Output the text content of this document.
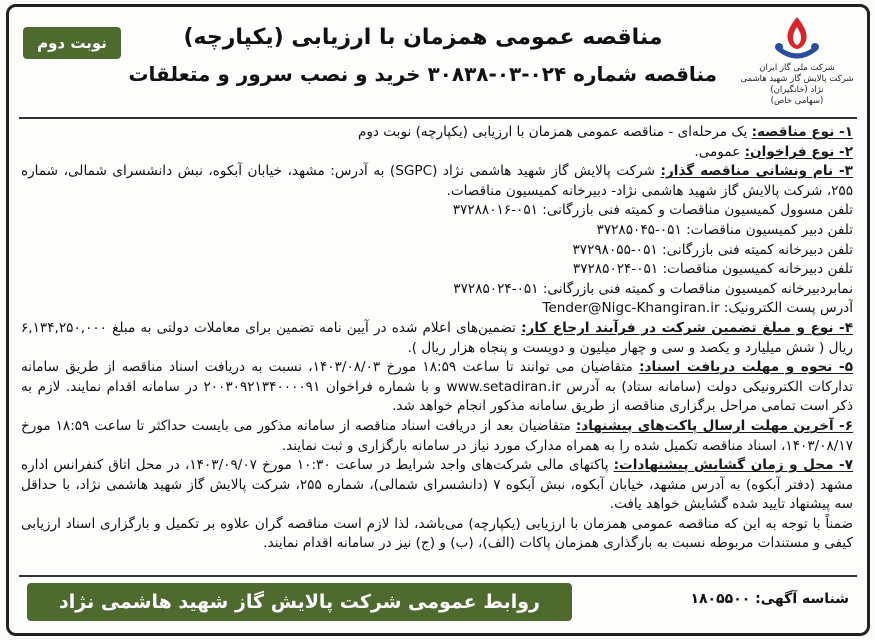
شرکت ملی گاز ایران
شرکت پالایش گاز شهید هاشمی نژاد (خانگیران)
(سهامی خاص)
مناقصه عمومی همزمان با ارزیابی (یکپارچه)
مناقصه شماره ۰۲۴-۰۳-۳۰۸۳۸ خرید و نصب سرور و متعلقات
نوبت دوم

۱- نوع مناقصه: یک مرحله‌ای - مناقصه عمومی همزمان با ارزیابی (یکپارچه) نوبت دوم

۲- نوع فراخوان: عمومی.

۳- نام ونشانی مناقصه گذار: شرکت پالایش گاز شهید هاشمی نژاد (SGPC) به آدرس: مشهد، خیابان آبکوه، نبش دانشسرای شمالی، شماره ۲۵۵، شرکت پالایش گاز شهید هاشمی نژاد- دبیرخانه کمیسیون مناقصات.

تلفن مسوول کمیسیون مناقصات و کمیته فنی بازرگانی: ۰۵۱-۳۷۲۸۸۰۱۶

تلفن دبیر کمیسیون مناقصات: ۰۵۱-۳۷۲۸۵۰۴۵

تلفن دبیرخانه کمیته فنی بازرگانی: ۰۵۱-۳۷۲۹۸۰۵۵

تلفن دبیرخانه کمیسیون مناقصات: ۰۵۱-۳۷۲۸۵۰۲۴

نمابردبیرخانه کمیسیون مناقصات و کمیته فنی بازرگانی: ۰۵۱-۳۷۲۸۵۰۲۴

آدرس پست الکترونیک: Tender@Nigc-Khangiran.ir

۴- نوع و مبلغ تضمین شرکت در فرآیند ارجاع کار: تضمین‌های اعلام شده در آیین نامه تضمین برای معاملات دولتی به مبلغ ۶,۱۳۴,۲۵۰,۰۰۰ ریال ( شش میلیارد و یکصد و سی و چهار میلیون و دویست و پنجاه هزار ریال ).

۵- نحوه و مهلت دریافت اسناد: متقاضیان می توانند تا ساعت ۱۸:۵۹ مورخ ۱۴۰۳/۰۸/۰۳، نسبت به دریافت اسناد مناقصه از طریق سامانه تدارکات الکترونیکی دولت (سامانه ستاد) به آدرس www.setadiran.ir و با شماره فراخوان ۲۰۰۳۰۹۲۱۳۴۰۰۰۰۹۱ در سامانه اقدام نمایند. لازم به ذکر است تمامی مراحل برگزاری مناقصه از طریق سامانه مذکور انجام خواهد شد.

۶- آخرین مهلت ارسال پاکت‌های پیشنهاد: متقاضیان بعد از دریافت اسناد مناقصه از سامانه مذکور می بایست حداکثر تا ساعت ۱۸:۵۹ مورخ ۱۴۰۳/۰۸/۱۷، اسناد مناقصه تکمیل شده را به همراه مدارک مورد نیاز در سامانه بارگزاری و ثبت نمایند.

۷- محل و زمان گشایش پیشنهادات: پاکتهای مالی شرکت‌های واجد شرایط در ساعت ۱۰:۳۰ مورخ ۱۴۰۳/۰۹/۰۷، در محل اتاق کنفرانس اداره مشهد (دفتر آبکوه) به آدرس مشهد، خیابان آبکوه، نبش آبکوه ۷ (دانشسرای شمالی)، شماره ۲۵۵، شرکت پالایش گاز شهید هاشمی نژاد، با حداقل سه پیشنهاد تایید شده گشایش خواهد یافت.

ضمناً با توجه به این که مناقصه عمومی همزمان با ارزیابی (یکپارچه) می‌باشد، لذا لازم است مناقصه گران علاوه بر تکمیل و بارگزاری اسناد ارزیابی کیفی و مستندات مربوطه نسبت به بارگذاری همزمان پاکات (الف)، (ب) و (ج) نیز در سامانه اقدام نمایند.

شناسه آگهی: ۱۸۰۵۵۰۰
روابط عمومی شرکت پالایش گاز شهید هاشمی نژاد
